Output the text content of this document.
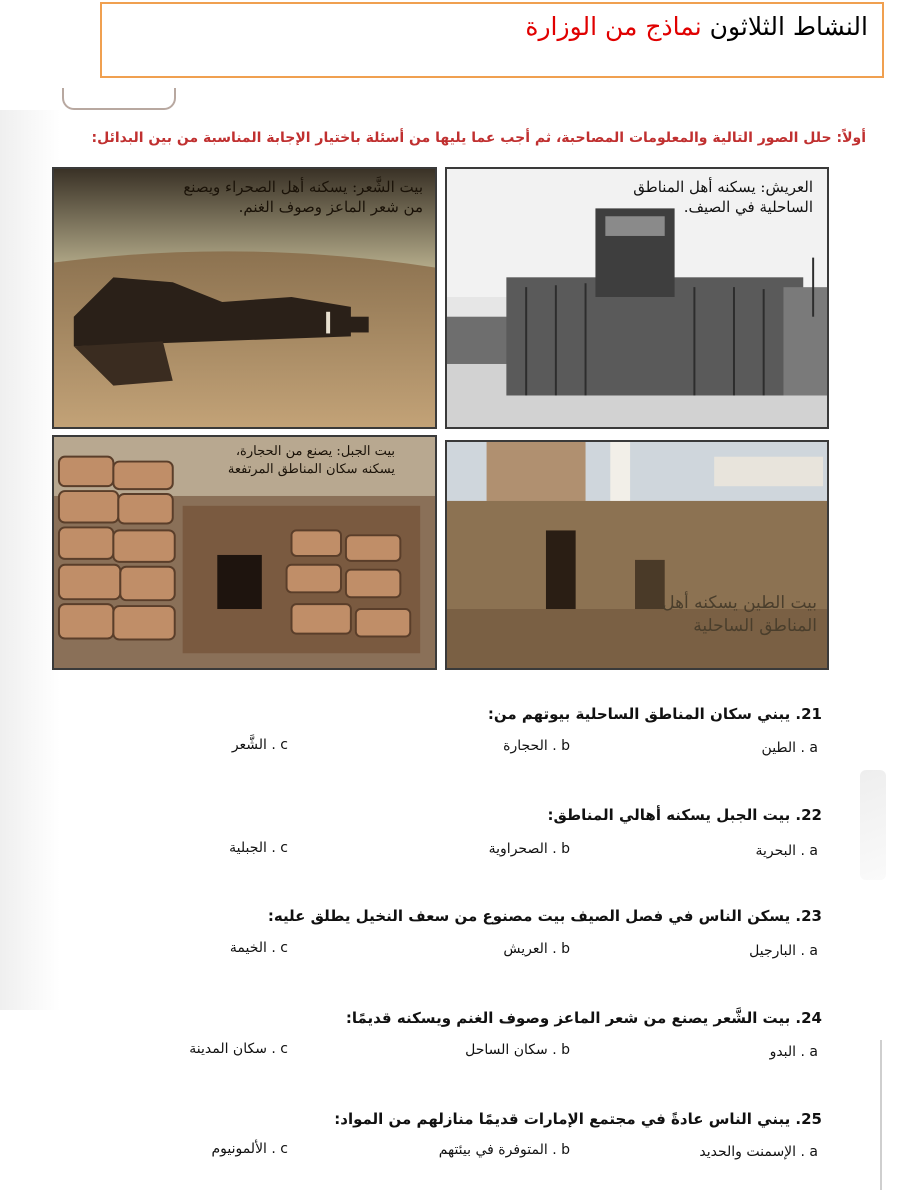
النشاط الثلاثون نماذج من الوزارة
أولاً: حلل الصور التالية والمعلومات المصاحبة، ثم أجب عما يليها من أسئلة باختيار الإجابة المناسبة من بين البدائل:
العريش: يسكنه أهل المناطق الساحلية في الصيف.
بيت الشَّعر: يسكنه أهل الصحراء ويصنع من شعر الماعز وصوف الغنم.
بيت الجبل: يصنع من الحجارة، يسكنه سكان المناطق المرتفعة
بيت الطين يسكنه أهل المناطق الساحلية
21. يبني سكان المناطق الساحلية بيوتهم من:
a . الطين
b . الحجارة
c . الشَّعر
22. بيت الجبل يسكنه أهالي المناطق:
a . البحرية
b . الصحراوية
c . الجبلية
23. يسكن الناس في فصل الصيف بيت مصنوع من سعف النخيل يطلق عليه:
a . البارجيل
b . العريش
c . الخيمة
24. بيت الشَّعر يصنع من شعر الماعز وصوف الغنم ويسكنه قديمًا:
a . البدو
b . سكان الساحل
c . سكان المدينة
25. يبني الناس عادةً في مجتمع الإمارات قديمًا منازلهم من المواد:
a . الإسمنت والحديد
b . المتوفرة في بيئتهم
c . الألمونيوم
